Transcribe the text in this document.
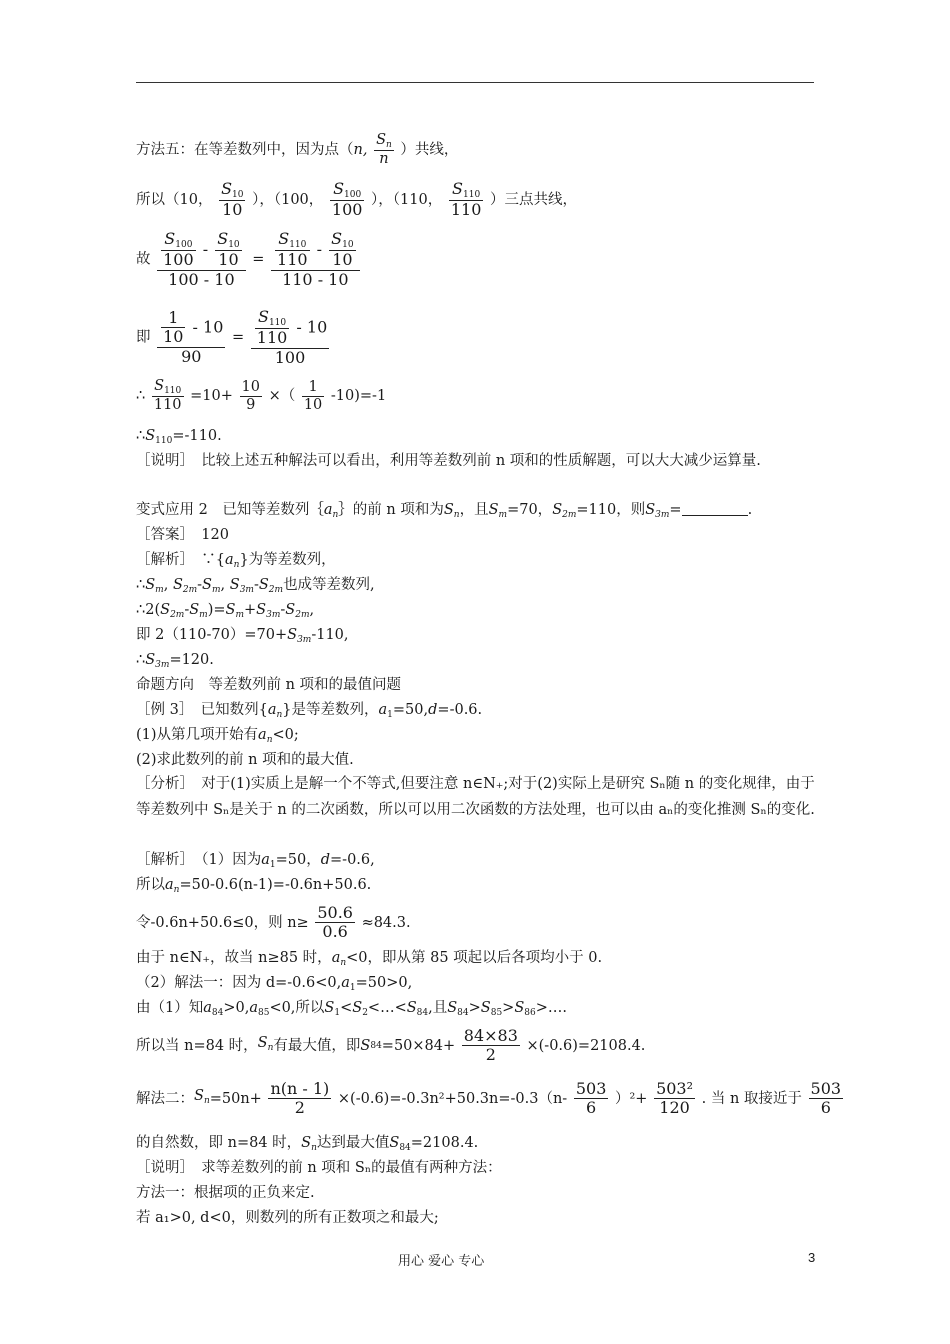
方法五：在等差数列中，因为点（n, $\frac{S_n}{n}$ ）共线，
所以（10， $\frac{S_{10}}{10}$ ），（100， $\frac{S_{100}}{100}$ ），（110， $\frac{S_{110}}{110}$ ）三点共线，
故 $\frac{\frac{S_{100}}{100} - \frac{S_{10}}{10}}{100 - 10} = \frac{\frac{S_{110}}{110} - \frac{S_{10}}{10}}{110 - 10}$
即 $\frac{\frac{1}{10} - 10}{90} = \frac{\frac{S_{110}}{110} - 10}{100}$
∴ $\frac{S_{110}}{110} =10+ \frac{10}{9}$ ×（ $\frac{1}{10} -10)=-1$
$\therefore S_{110}=-110$.
［说明］　比较上述五种解法可以看出，利用等差数列前 n 项和的性质解题，可以大大减少运算量.
变式应用 2　已知等差数列$\{a_n\}$的前 n 项和为$S_n$，且$S_m=70$，$S_{2m}=110$，则$S_{3m}=$	.
［答案］　120
［解析］　$\because\{a_n\}$为等差数列，
$\therefore S_m$, $S_{2m}-S_m$, $S_{3m}-S_{2m}$也成等差数列,
$\therefore 2(S_{2m}-S_m)=S_m+S_{3m}-S_{2m}$,
即 $2(110-70)=70+S_{3m}-110$,
$\therefore S_{3m}=120$.
命题方向　等差数列前 n 项和的最值问题
［例 3］　已知数列$\{a_n\}$是等差数列，$a_1=50,d=-0.6$.
(1)从第几项开始有$a_n<0$;
(2)求此数列的前 n 项和的最大值.
［分析］　对于(1)实质上是解一个不等式,但要注意 n∈N₊;对于(2)实际上是研究 Sₙ随 n 的变化规律，由于等差数列中 Sₙ是关于 n 的二次函数，所以可以用二次函数的方法处理，也可以由 aₙ的变化推测 Sₙ的变化.
［解析］　（1）因为$a_1=50$，d=-0.6,
所以$a_n=50-0.6(n-1)=-0.6n+50.6$.
令-0.6n+50.6≤0，则 $n\ge \frac{50.6}{0.6} \approx 84.3$.
由于 n∈N₊，故当 n≥85 时，$a_n<0$，即从第 85 项起以后各项均小于 0.
（2）解法一：因为 $d=-0.6<0,a_1=50>0$,
由（1）知$a_{84}>0,a_{85}<0$,所以$S_1<S_2<\dots<S_{84}$,且$S_{84}>S_{85}>S_{86}>\dots$.
所以当 n=84 时，$S_n$有最大值，即$S84=50\times 84+ \frac{84\times 83}{2} \times(-0.6)=2108.4$.
解法二：$S_n=50n+ \frac{n(n - 1)}{2} \times(-0.6)=-0.3n^2+50.3n=-0.3(n- \frac{503}{6} )^2+ \frac{\text{503²}}{120}$ . 当 n 取接近于 $\frac{503}{6}$
的自然数，即 n=84 时，$S_n$达到最大值$S_{84}=2108.4$.
［说明］　求等差数列的前 n 项和 Sₙ的最值有两种方法：
方法一：根据项的正负来定.
若 a₁>0, d<0，则数列的所有正数项之和最大;
用心 爱心 专心	3
